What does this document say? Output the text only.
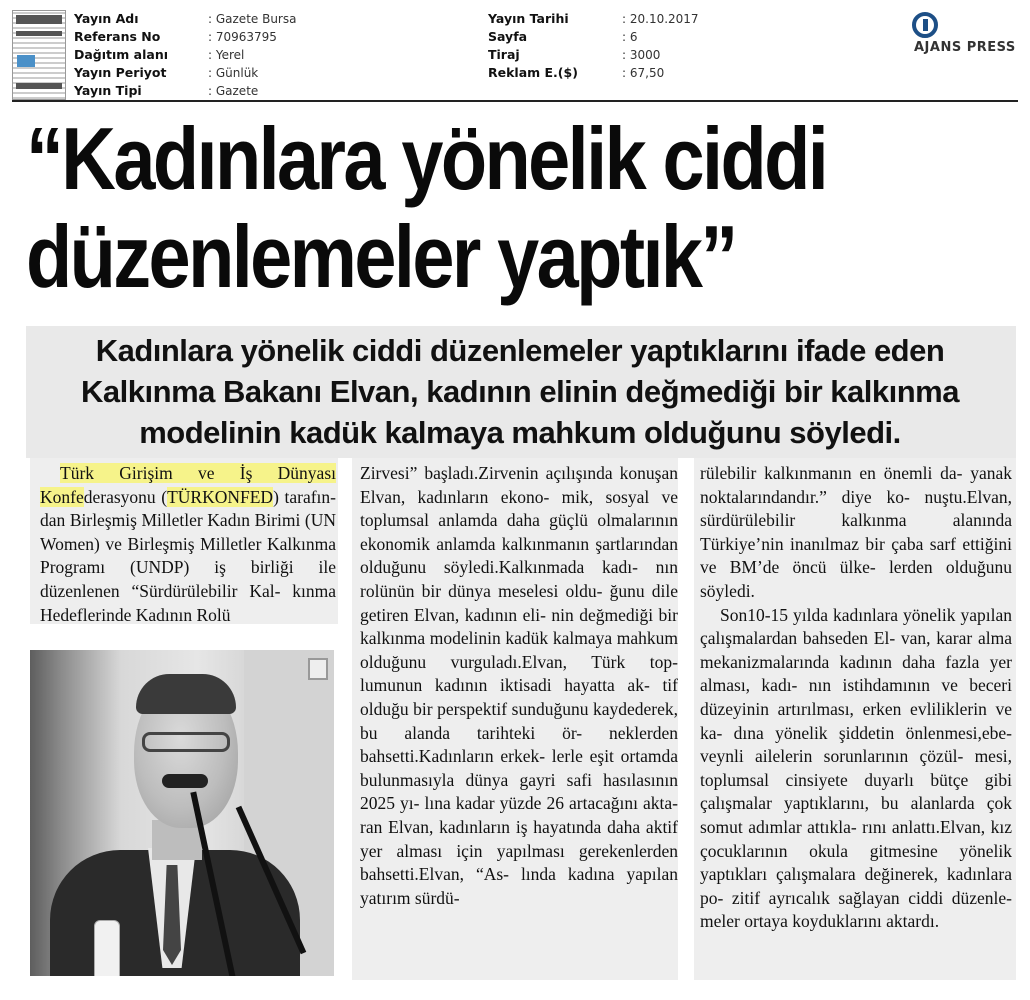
Yayın Adı	: Gazete Bursa
Referans No	: 70963795
Dağıtım alanı	: Yerel
Yayın Periyot	: Günlük
Yayın Tipi	: Gazete
Yayın Tarihi	: 20.10.2017
Sayfa	: 6
Tiraj	: 3000
Reklam E.($)	: 67,50
AJANS PRESS
“Kadınlara yönelik ciddi
düzenlemeler yaptık”
Kadınlara yönelik ciddi düzenlemeler yaptıklarını ifade eden
Kalkınma Bakanı Elvan, kadının elinin değmediği bir kalkınma
modelinin kadük kalmaya mahkum olduğunu söyledi.

Türk Girişim ve İş Dünyası Konfederasyonu (TÜRKONFED) tarafın- dan Birleşmiş Milletler Kadın Birimi (UN Women) ve Birleşmiş Milletler Kalkınma Programı (UNDP) iş birliği ile düzenlenen “Sürdürülebilir Kal- kınma Hedeflerinde Kadının Rolü

Zirvesi” başladı.Zirvenin açılışında konuşan Elvan, kadınların ekono- mik, sosyal ve toplumsal anlamda daha güçlü olmalarının ekonomik anlamda kalkınmanın şartlarından olduğunu söyledi.Kalkınmada kadı- nın rolünün bir dünya meselesi oldu- ğunu dile getiren Elvan, kadının eli- nin değmediği bir kalkınma modelinin kadük kalmaya mahkum olduğunu vurguladı.Elvan, Türk top- lumunun kadının iktisadi hayatta ak- tif olduğu bir perspektif sunduğunu kaydederek, bu alanda tarihteki ör- neklerden bahsetti.Kadınların erkek- lerle eşit ortamda bulunmasıyla dünya gayri safi hasılasının 2025 yı- lına kadar yüzde 26 artacağını akta- ran Elvan, kadınların iş hayatında daha aktif yer alması için yapılması gerekenlerden bahsetti.Elvan, “As- lında kadına yapılan yatırım sürdü-

rülebilir kalkınmanın en önemli da- yanak noktalarındandır.” diye ko- nuştu.Elvan, sürdürülebilir kalkınma alanında Türkiye’nin inanılmaz bir çaba sarf ettiğini ve BM’de öncü ülke- lerden olduğunu söyledi.

Son10-15 yılda kadınlara yönelik yapılan çalışmalardan bahseden El- van, karar alma mekanizmalarında kadının daha fazla yer alması, kadı- nın istihdamının ve beceri düzeyinin artırılması, erken evliliklerin ve ka- dına yönelik şiddetin önlenmesi,ebe- veynli ailelerin sorunlarının çözül- mesi, toplumsal cinsiyete duyarlı bütçe gibi çalışmalar yaptıklarını, bu alanlarda çok somut adımlar attıkla- rını anlattı.Elvan, kız çocuklarının okula gitmesine yönelik yaptıkları çalışmalara değinerek, kadınlara po- zitif ayrıcalık sağlayan ciddi düzenle- meler ortaya koyduklarını aktardı.
